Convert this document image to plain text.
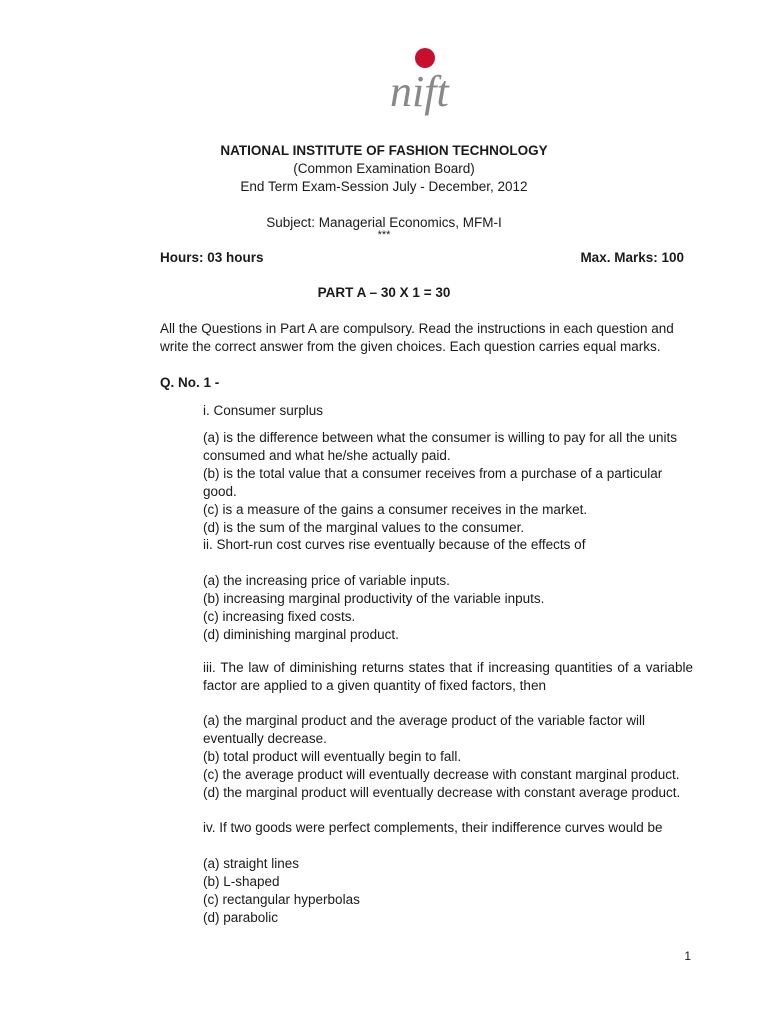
nift
NATIONAL INSTITUTE OF FASHION TECHNOLOGY
(Common Examination Board)
End Term Exam-Session July - December, 2012
Subject: Managerial Economics, MFM-I
***
Hours: 03 hours	Max. Marks: 100
PART A – 30 X 1 = 30
All the Questions in Part A are compulsory. Read the instructions in each question and write the correct answer from the given choices. Each question carries equal marks.
Q. No. 1 -
i. Consumer surplus
(a) is the difference between what the consumer is willing to pay for all the units consumed and what he/she actually paid.
(b) is the total value that a consumer receives from a purchase of a particular good.
(c) is a measure of the gains a consumer receives in the market.
(d) is the sum of the marginal values to the consumer.
ii. Short-run cost curves rise eventually because of the effects of
(a) the increasing price of variable inputs.
(b) increasing marginal productivity of the variable inputs.
(c) increasing fixed costs.
(d) diminishing marginal product.
iii. The law of diminishing returns states that if increasing quantities of a variable factor are applied to a given quantity of fixed factors, then
(a) the marginal product and the average product of the variable factor will eventually decrease.
(b) total product will eventually begin to fall.
(c) the average product will eventually decrease with constant marginal product.
(d) the marginal product will eventually decrease with constant average product.
iv. If two goods were perfect complements, their indifference curves would be
(a) straight lines
(b) L-shaped
(c) rectangular hyperbolas
(d) parabolic
1
